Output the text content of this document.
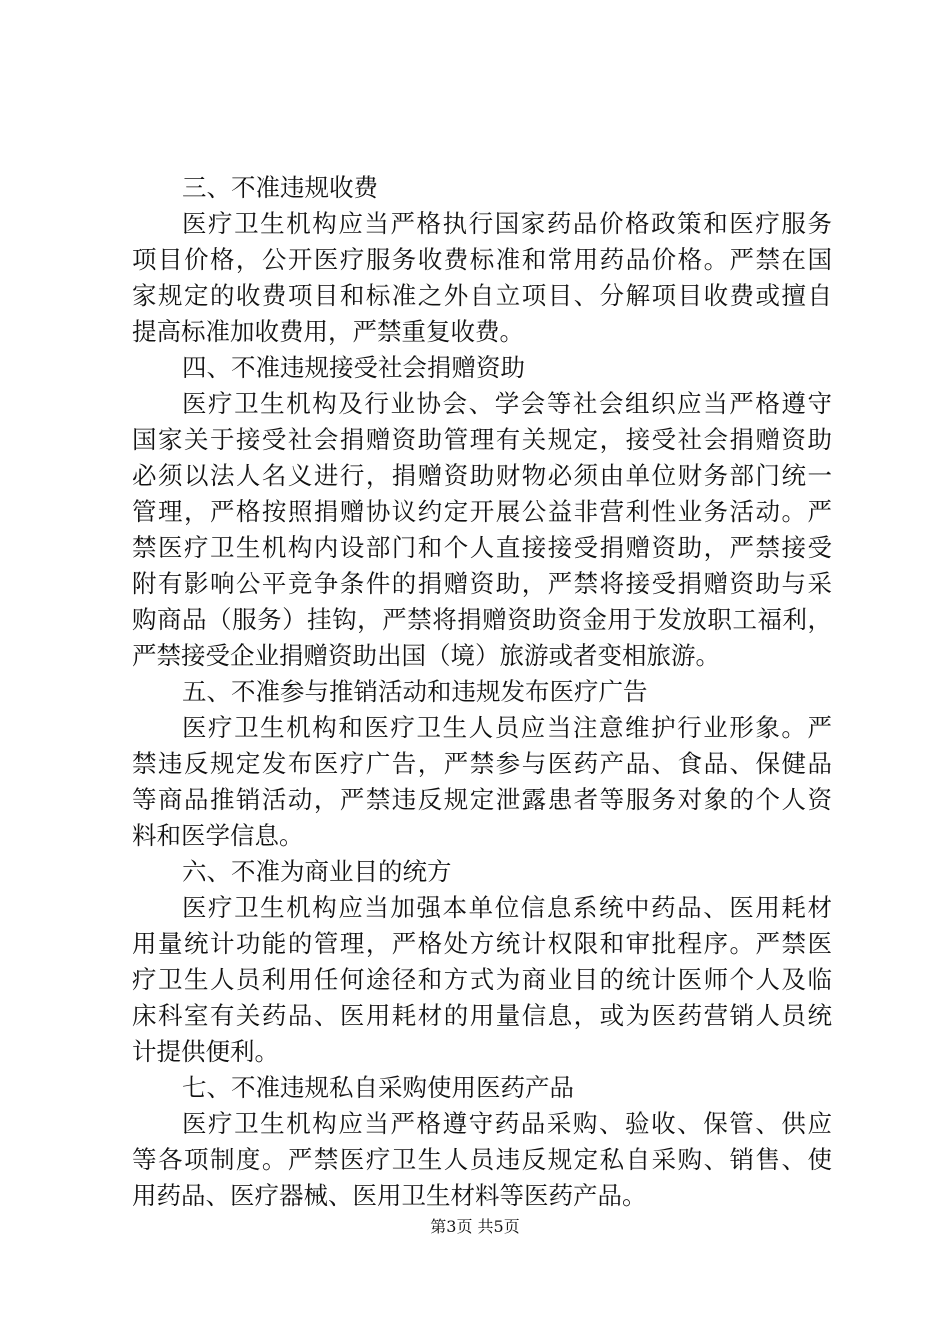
三、不准违规收费
医疗卫生机构应当严格执行国家药品价格政策和医疗服务
项目价格，公开医疗服务收费标准和常用药品价格。严禁在国
家规定的收费项目和标准之外自立项目、分解项目收费或擅自
提高标准加收费用，严禁重复收费。
四、不准违规接受社会捐赠资助
医疗卫生机构及行业协会、学会等社会组织应当严格遵守
国家关于接受社会捐赠资助管理有关规定，接受社会捐赠资助
必须以法人名义进行，捐赠资助财物必须由单位财务部门统一
管理，严格按照捐赠协议约定开展公益非营利性业务活动。严
禁医疗卫生机构内设部门和个人直接接受捐赠资助，严禁接受
附有影响公平竞争条件的捐赠资助，严禁将接受捐赠资助与采
购商品（服务）挂钩，严禁将捐赠资助资金用于发放职工福利，
严禁接受企业捐赠资助出国（境）旅游或者变相旅游。
五、不准参与推销活动和违规发布医疗广告
医疗卫生机构和医疗卫生人员应当注意维护行业形象。严
禁违反规定发布医疗广告，严禁参与医药产品、食品、保健品
等商品推销活动，严禁违反规定泄露患者等服务对象的个人资
料和医学信息。
六、不准为商业目的统方
医疗卫生机构应当加强本单位信息系统中药品、医用耗材
用量统计功能的管理，严格处方统计权限和审批程序。严禁医
疗卫生人员利用任何途径和方式为商业目的统计医师个人及临
床科室有关药品、医用耗材的用量信息，或为医药营销人员统
计提供便利。
七、不准违规私自采购使用医药产品
医疗卫生机构应当严格遵守药品采购、验收、保管、供应
等各项制度。严禁医疗卫生人员违反规定私自采购、销售、使
用药品、医疗器械、医用卫生材料等医药产品。
第3页 共5页
